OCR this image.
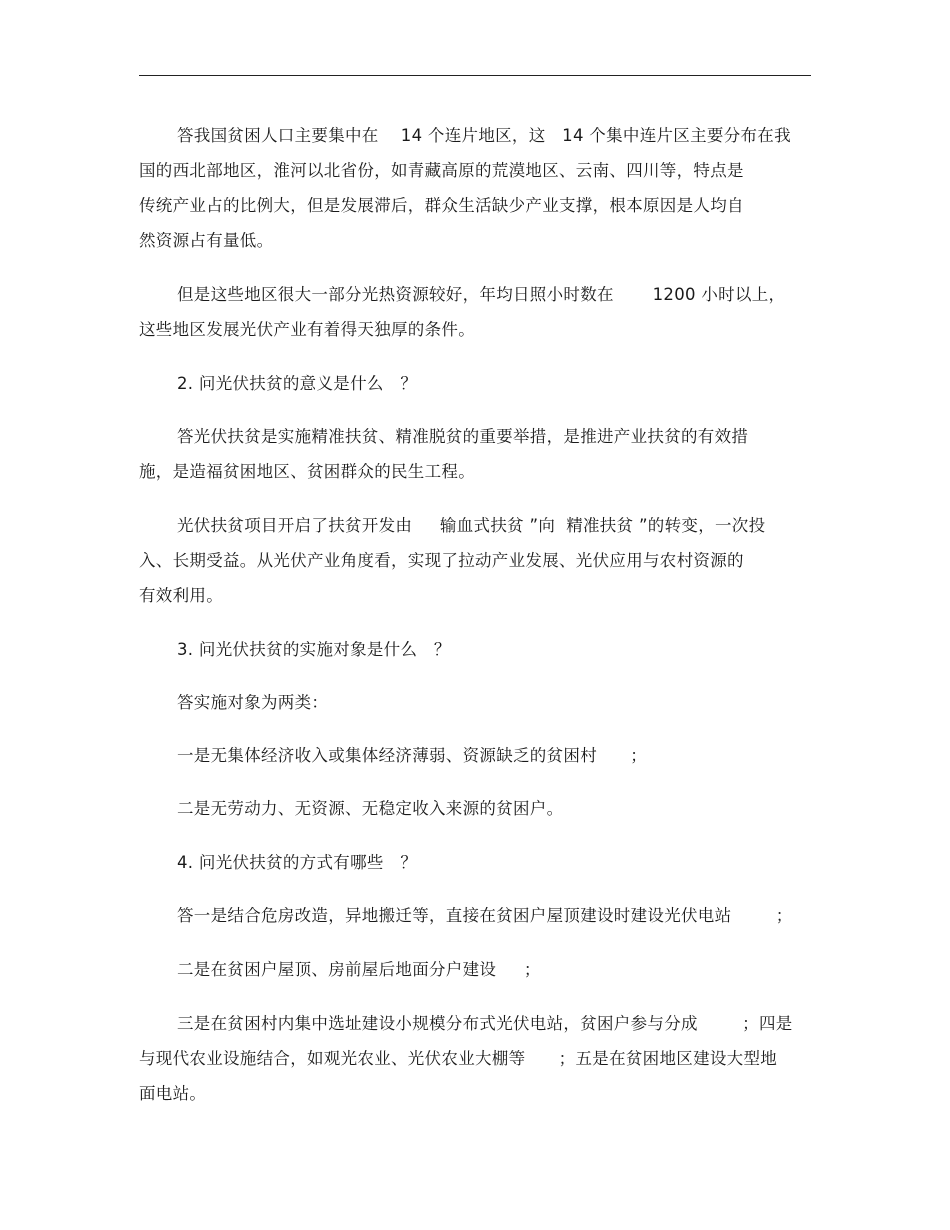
答我国贫困人口主要集中在    14 个连片地区，这   14 个集中连片区主要分布在我
国的西北部地区，淮河以北省份，如青藏高原的荒漠地区、云南、四川等，特点是
传统产业占的比例大，但是发展滞后，群众生活缺少产业支撑，根本原因是人均自
然资源占有量低。
但是这些地区很大一部分光热资源较好，年均日照小时数在       1200 小时以上，
这些地区发展光伏产业有着得天独厚的条件。
2. 问光伏扶贫的意义是什么   ？
答光伏扶贫是实施精准扶贫、精准脱贫的重要举措，是推进产业扶贫的有效措
施，是造福贫困地区、贫困群众的民生工程。
光伏扶贫项目开启了扶贫开发由     输血式扶贫 ”向  精准扶贫 ”的转变，一次投
入、长期受益。从光伏产业角度看，实现了拉动产业发展、光伏应用与农村资源的
有效利用。
3. 问光伏扶贫的实施对象是什么   ？
答实施对象为两类：
一是无集体经济收入或集体经济薄弱、资源缺乏的贫困村      ；
二是无劳动力、无资源、无稳定收入来源的贫困户。
4. 问光伏扶贫的方式有哪些   ？
答一是结合危房改造，异地搬迁等，直接在贫困户屋顶建设时建设光伏电站        ；
二是在贫困户屋顶、房前屋后地面分户建设     ；
三是在贫困村内集中选址建设小规模分布式光伏电站，贫困户参与分成        ；四是
与现代农业设施结合，如观光农业、光伏农业大棚等      ；五是在贫困地区建设大型地
面电站。
